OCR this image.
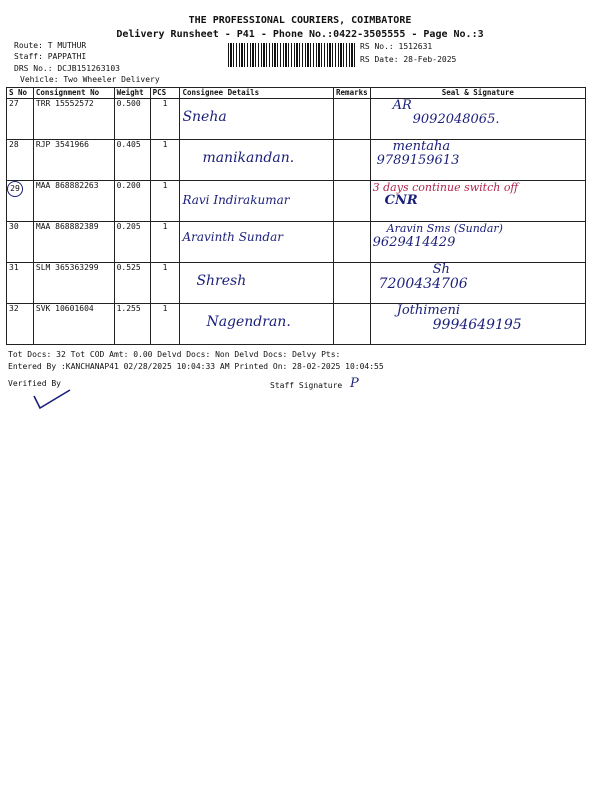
THE PROFESSIONAL COURIERS, COIMBATORE
Delivery Runsheet - P41 - Phone No.:0422-3505555 - Page No.:3
Route: T MUTHUR
Staff: PAPPATHI
DRS No.: DCJB151263103
Vehicle: Two Wheeler Delivery
RS No.: 1512631
RS Date: 28-Feb-2025
S No	Consignment No	Weight	PCS	Consignee Details	Remarks	Seal & Signature
27	TRR 15552572	0.500	1	Sneha		AR
9092048065.

28	RJP 3541966	0.405	1	manikandan.		mentaha
9789159613

29	MAA 868882263	0.200	1	Ravi Indirakumar		3 days continue switch off
CNR

30	MAA 868882389	0.205	1	Aravinth Sundar		Aravin Sms (Sundar)
9629414429

31	SLM 365363299	0.525	1	Shresh		Sh
7200434706

32	SVK 10601604	1.255	1	Nagendran.		Jothimeni
9994649195
Tot Docs: 32 Tot COD Amt: 0.00 Delvd Docs: Non Delvd Docs: Delvy Pts:
Entered By :KANCHANAP41 02/28/2025 10:04:33 AM Printed On: 28-02-2025 10:04:55
Verified By	Staff Signature P
